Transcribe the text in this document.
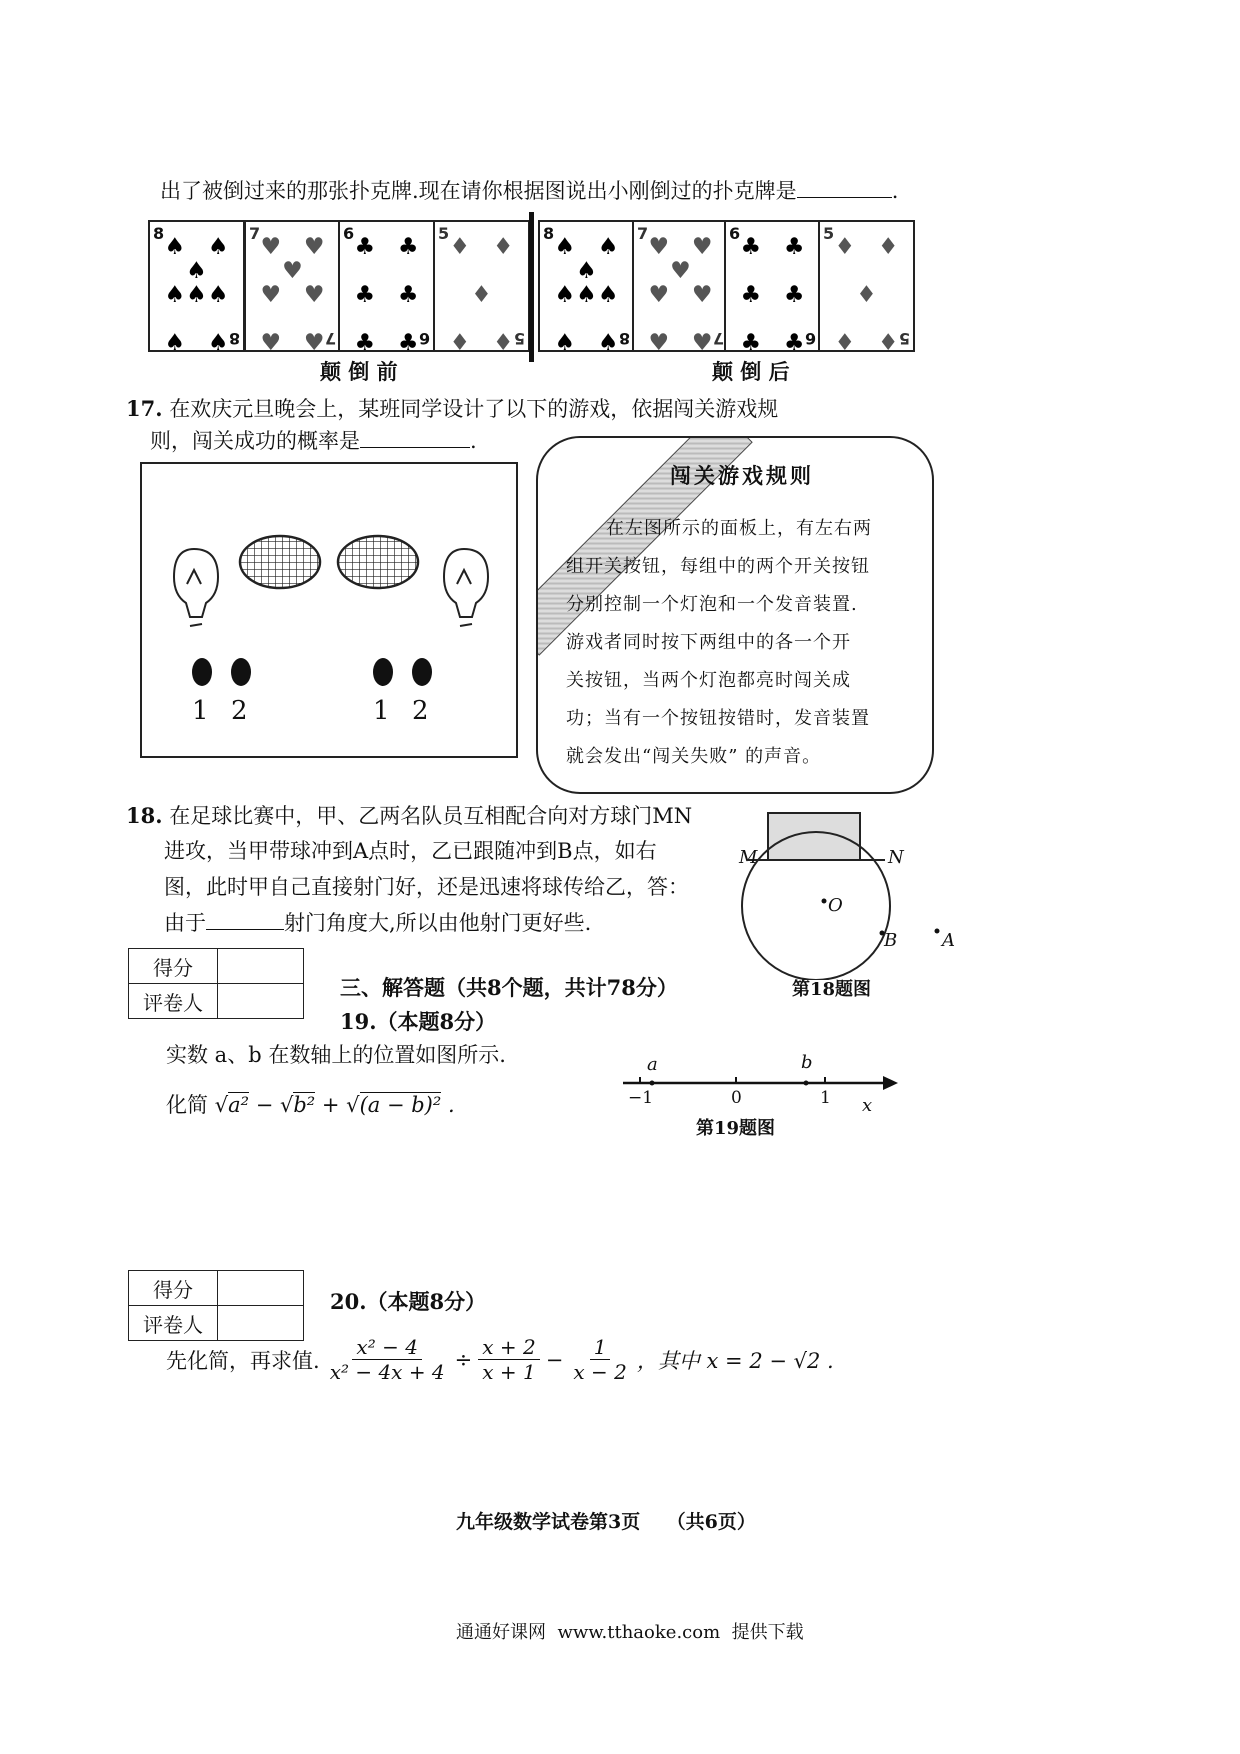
出了被倒过来的那张扑克牌.现在请你根据图说出小刚倒过的扑克牌是	.
8
8
♠ ♠
♠
♠ ♠ ♠
♠ ♠
7
7
♥ ♥
♥
♥ ♥
♥ ♥
6
6
♣ ♣
♣ ♣
♣ ♣
5
5
♦ ♦
♦
♦ ♦
8
8
♠ ♠
♠
♠ ♠ ♠
♠ ♠
7
7
♥ ♥
♥
♥ ♥
♥ ♥
6
6
♣ ♣
♣ ♣
♣ ♣
5
5
♦ ♦
♦
♦ ♦
颠 倒 前	颠 倒 后
17. 在欢庆元旦晚会上，某班同学设计了以下的游戏，依据闯关游戏规
则，闯关成功的概率是	.
1 2	1 2
闯关游戏规则
在左图所示的面板上，有左右两
组开关按钮，每组中的两个开关按钮
分别控制一个灯泡和一个发音装置.
游戏者同时按下两组中的各一个开
关按钮，当两个灯泡都亮时闯关成
功；当有一个按钮按错时，发音装置
就会发出“闯关失败” 的声音。
18. 在足球比赛中，甲、乙两名队员互相配合向对方球门MN
进攻，当甲带球冲到A点时，乙已跟随冲到B点，如右
图，此时甲自己直接射门好，还是迅速将球传给乙，答：
由于	射门角度大,所以由他射门更好些.
M	N
O
B A
第18题图
得分	
评卷人	
三、解答题（共8个题，共计78分）
19.（本题8分）
实数 a、b 在数轴上的位置如图所示.
化简 √a² − √b² + √(a − b)² .
a	b
−1	0	1 x
第19题图
得分	
评卷人	
20.（本题8分）
先化简，再求值. $\frac{\text{x² − 4}}{\text{x² − 4x + 4}} \div \frac{x + 2}{x + 1} - \frac{1}{x - 2}$ ，其中 x = 2 − √2 .
九年级数学试卷第3页    （共6页）
通通好课网  www.tthaoke.com  提供下载
